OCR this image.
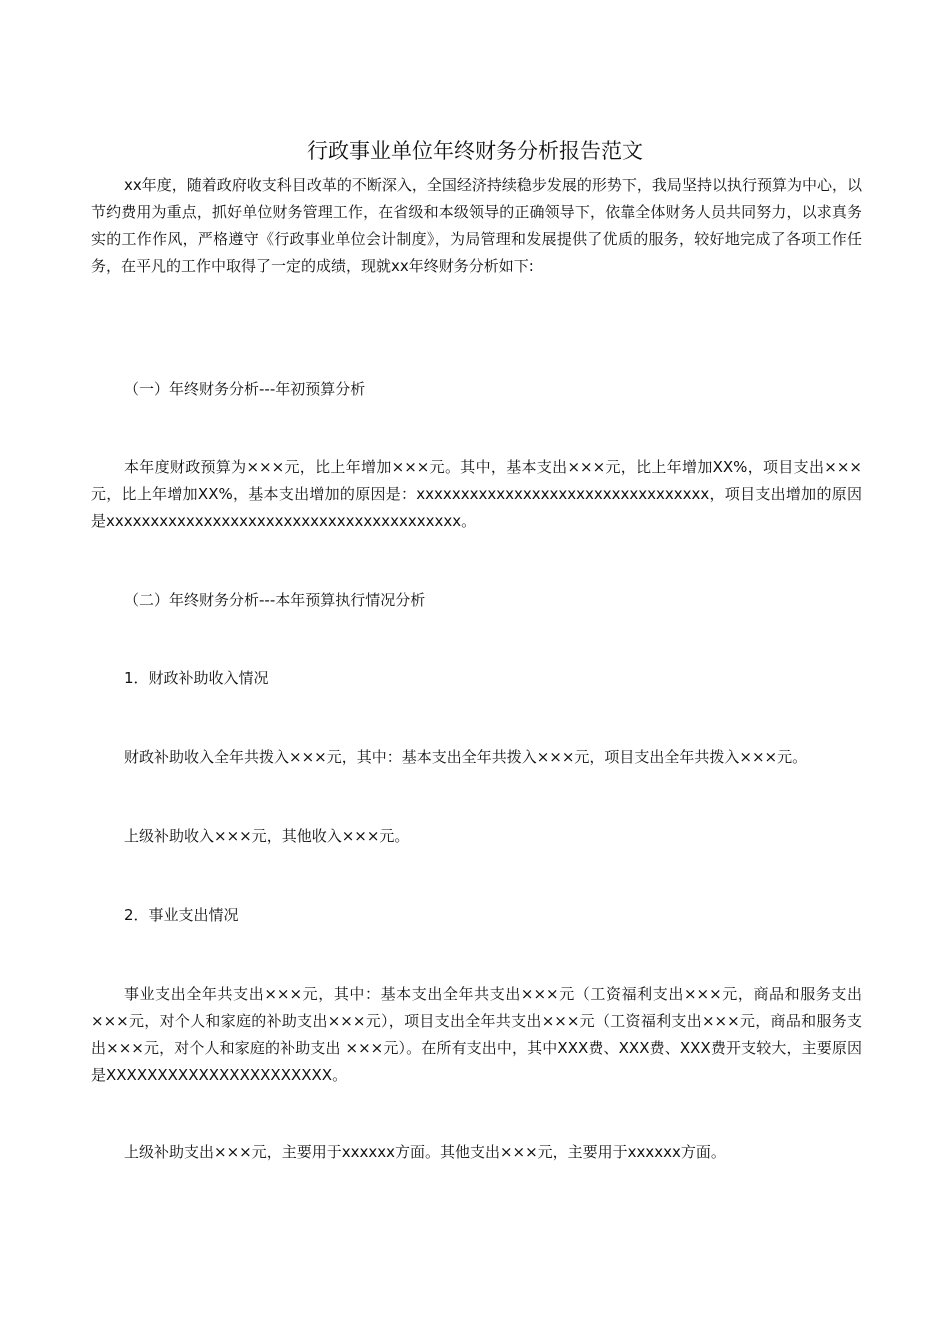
行政事业单位年终财务分析报告范文

xx年度，随着政府收支科目改革的不断深入，全国经济持续稳步发展的形势下，我局坚持以执行预算为中心，以节约费用为重点，抓好单位财务管理工作，在省级和本级领导的正确领导下，依靠全体财务人员共同努力，以求真务实的工作作风，严格遵守《行政事业单位会计制度》，为局管理和发展提供了优质的服务，较好地完成了各项工作任务，在平凡的工作中取得了一定的成绩，现就xx年终财务分析如下:

（一）年终财务分析---年初预算分析

本年度财政预算为×××元，比上年增加×××元。其中，基本支出×××元，比上年增加XX%，项目支出×××元，比上年增加XX%，基本支出增加的原因是：xxxxxxxxxxxxxxxxxxxxxxxxxxxxxxxxx，项目支出增加的原因是xxxxxxxxxxxxxxxxxxxxxxxxxxxxxxxxxxxxxxxx。

（二）年终财务分析---本年预算执行情况分析

1．财政补助收入情况

财政补助收入全年共拨入×××元，其中：基本支出全年共拨入×××元，项目支出全年共拨入×××元。

上级补助收入×××元，其他收入×××元。

2．事业支出情况

事业支出全年共支出×××元，其中：基本支出全年共支出×××元（工资福利支出×××元，商品和服务支出×××元，对个人和家庭的补助支出×××元），项目支出全年共支出×××元（工资福利支出×××元，商品和服务支出×××元，对个人和家庭的补助支出 ×××元）。在所有支出中，其中XXX费、XXX费、XXX费开支较大，主要原因是XXXXXXXXXXXXXXXXXXXXXX。

上级补助支出×××元，主要用于xxxxxx方面。其他支出×××元，主要用于xxxxxx方面。
